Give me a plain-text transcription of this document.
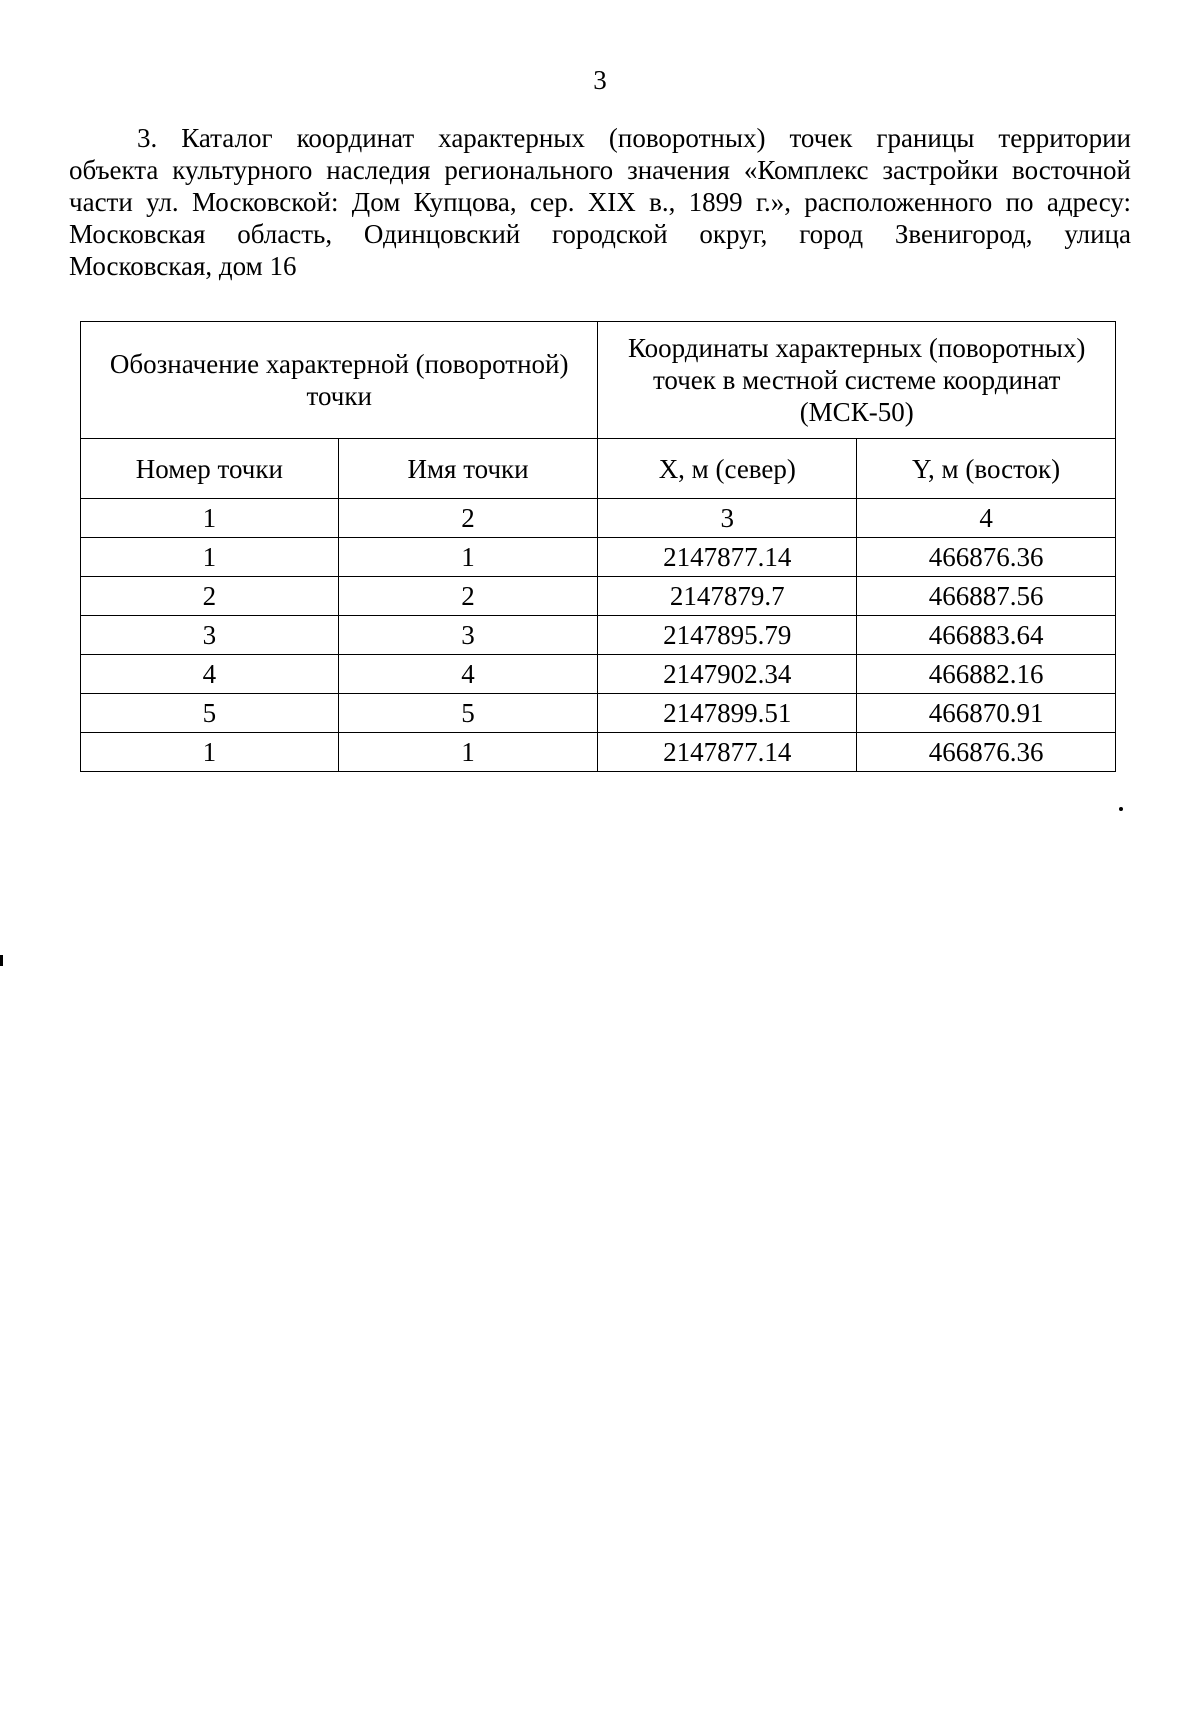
3
3. Каталог координат характерных (поворотных) точек границы территории
объекта культурного наследия регионального значения «Комплекс застройки восточной
части ул. Московской: Дом Купцова, сер. XIX в., 1899 г.», расположенного по адресу:
Московская область, Одинцовский городской округ, город Звенигород, улица
Московская, дом 16
Обозначение характерной (поворотной) точки		Координаты характерных (поворотных) точек в местной системе координат (МСК-50)	
Номер точки	Имя точки	X, м (север)	Y, м (восток)
1	2	3	4
1	1	2147877.14	466876.36
2	2	2147879.7	466887.56
3	3	2147895.79	466883.64
4	4	2147902.34	466882.16
5	5	2147899.51	466870.91
1	1	2147877.14	466876.36
